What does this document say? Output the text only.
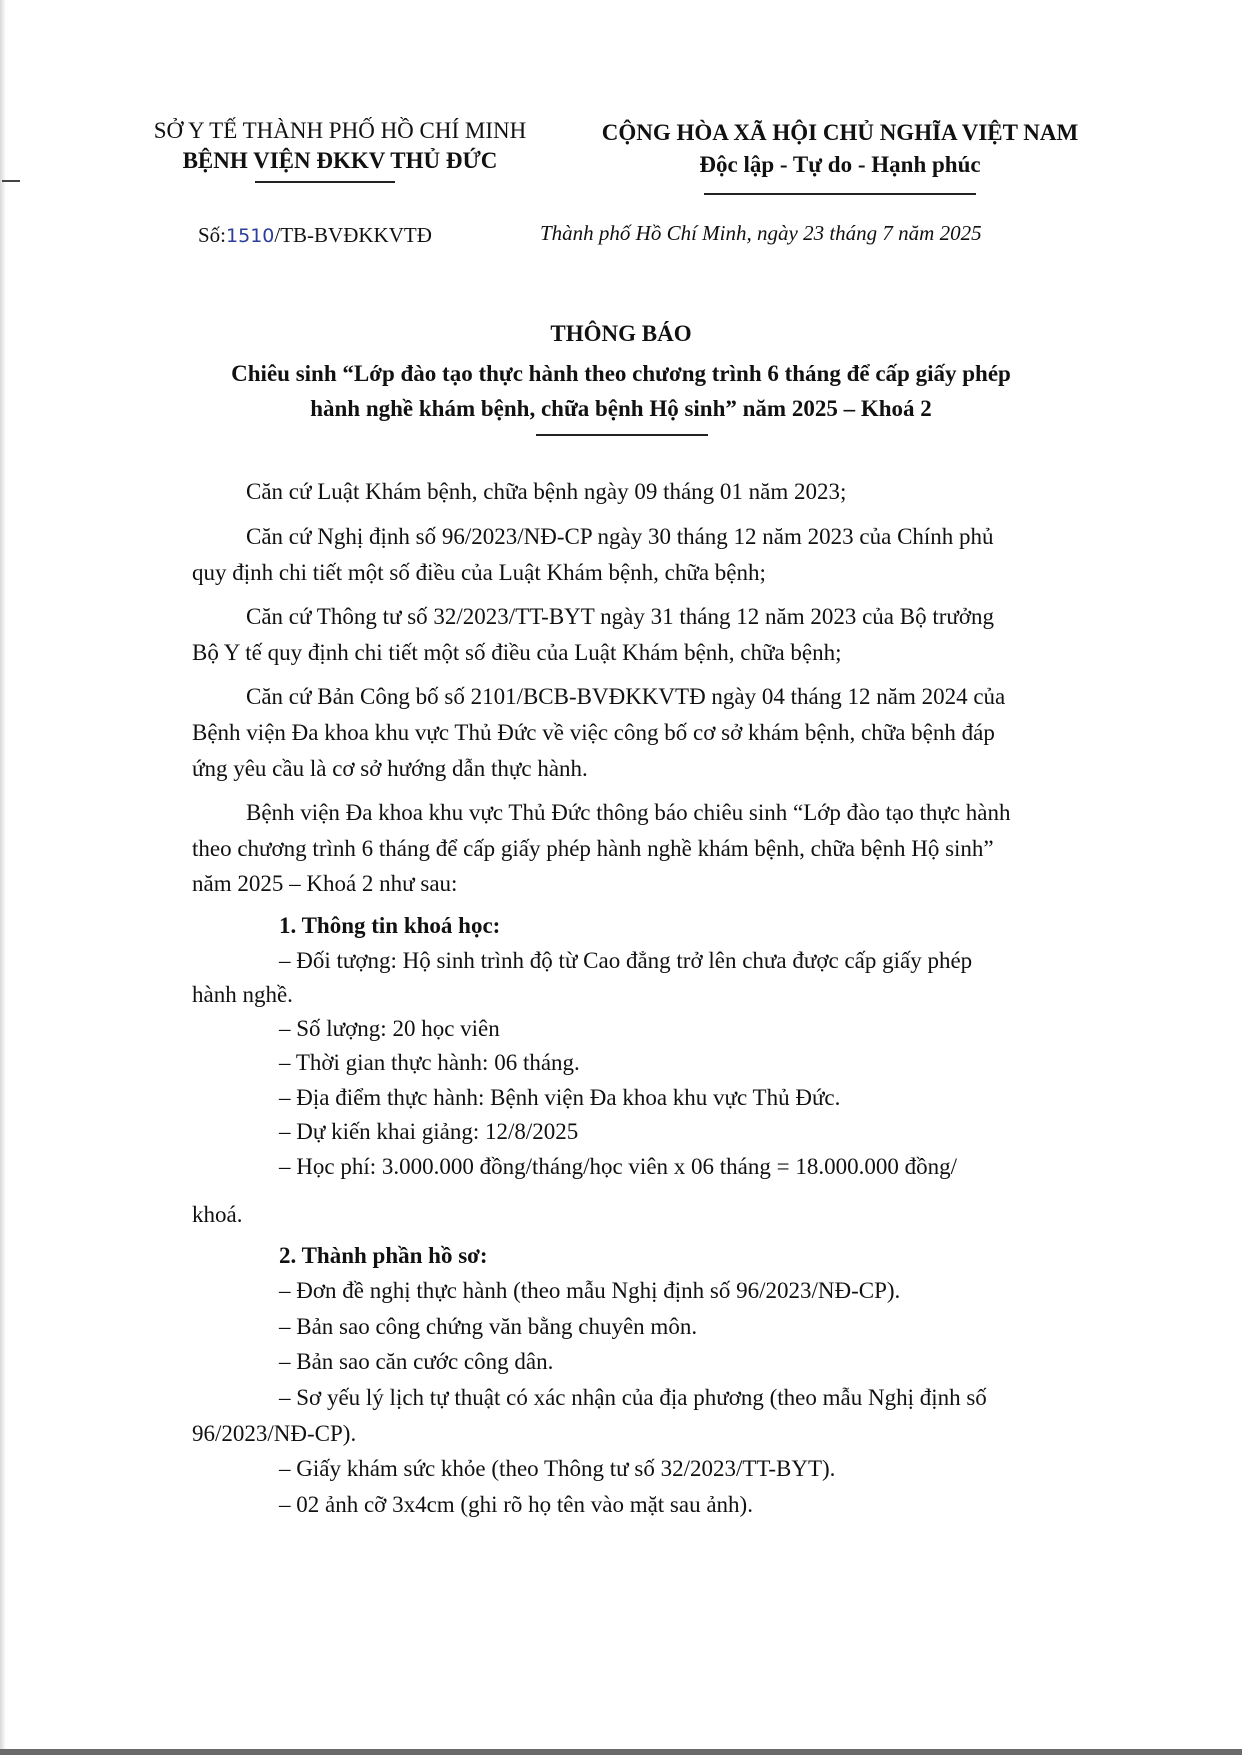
SỞ Y TẾ THÀNH PHỐ HỒ CHÍ MINH
BỆNH VIỆN ĐKKV THỦ ĐỨC
CỘNG HÒA XÃ HỘI CHỦ NGHĨA VIỆT NAM
Độc lập - Tự do - Hạnh phúc
Số:1510/TB-BVĐKKVTĐ	Thành phố Hồ Chí Minh, ngày 23 tháng 7 năm 2025
THÔNG BÁO
Chiêu sinh “Lớp đào tạo thực hành theo chương trình 6 tháng để cấp giấy phép
hành nghề khám bệnh, chữa bệnh Hộ sinh” năm 2025 – Khoá 2
Căn cứ Luật Khám bệnh, chữa bệnh ngày 09 tháng 01 năm 2023;
Căn cứ Nghị định số 96/2023/NĐ-CP ngày 30 tháng 12 năm 2023 của Chính phủ
quy định chi tiết một số điều của Luật Khám bệnh, chữa bệnh;
Căn cứ Thông tư số 32/2023/TT-BYT ngày 31 tháng 12 năm 2023 của Bộ trưởng
Bộ Y tế quy định chi tiết một số điều của Luật Khám bệnh, chữa bệnh;
Căn cứ Bản Công bố số 2101/BCB-BVĐKKVTĐ ngày 04 tháng 12 năm 2024 của
Bệnh viện Đa khoa khu vực Thủ Đức về việc công bố cơ sở khám bệnh, chữa bệnh đáp
ứng yêu cầu là cơ sở hướng dẫn thực hành.
Bệnh viện Đa khoa khu vực Thủ Đức thông báo chiêu sinh “Lớp đào tạo thực hành
theo chương trình 6 tháng để cấp giấy phép hành nghề khám bệnh, chữa bệnh Hộ sinh”
năm 2025 – Khoá 2 như sau:
1. Thông tin khoá học:
– Đối tượng: Hộ sinh trình độ từ Cao đẳng trở lên chưa được cấp giấy phép
hành nghề.
– Số lượng: 20 học viên
– Thời gian thực hành: 06 tháng.
– Địa điểm thực hành: Bệnh viện Đa khoa khu vực Thủ Đức.
– Dự kiến khai giảng: 12/8/2025
– Học phí: 3.000.000 đồng/tháng/học viên x 06 tháng = 18.000.000 đồng/
khoá.
2. Thành phần hồ sơ:
– Đơn đề nghị thực hành (theo mẫu Nghị định số 96/2023/NĐ-CP).
– Bản sao công chứng văn bằng chuyên môn.
– Bản sao căn cước công dân.
– Sơ yếu lý lịch tự thuật có xác nhận của địa phương (theo mẫu Nghị định số
96/2023/NĐ-CP).
– Giấy khám sức khỏe (theo Thông tư số 32/2023/TT-BYT).
– 02 ảnh cỡ 3x4cm (ghi rõ họ tên vào mặt sau ảnh).
